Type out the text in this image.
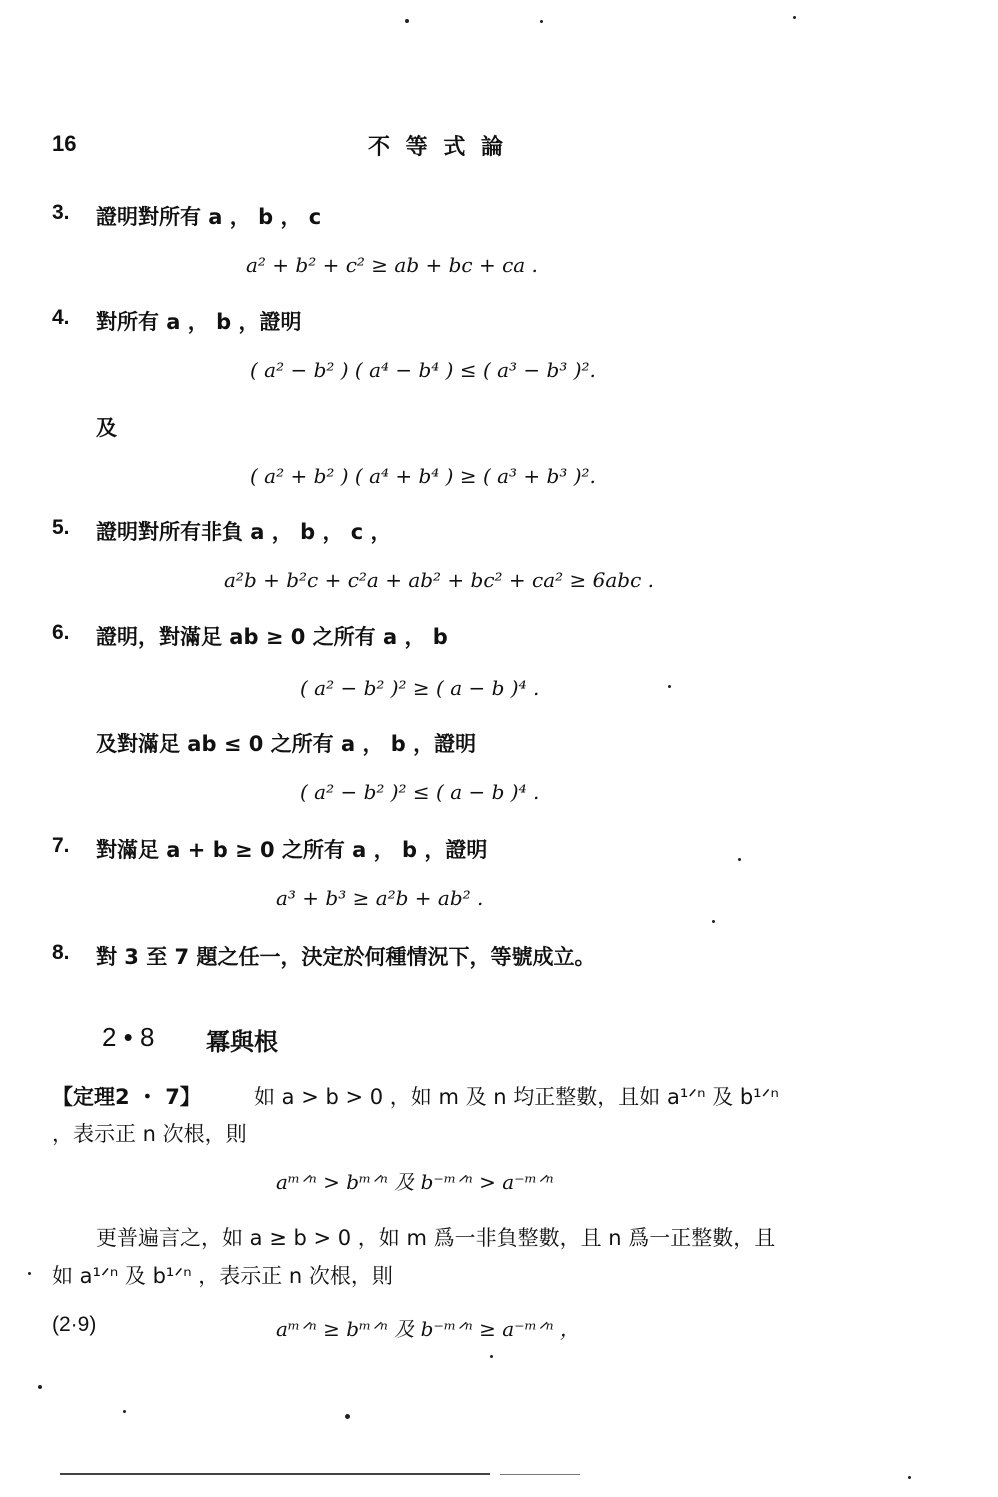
16	不 等 式 論
3. 證明對所有 a ， b ， c
a² + b² + c² ≥ ab + bc + ca .
4. 對所有 a ， b ，證明
( a² − b² ) ( a⁴ − b⁴ ) ≤ ( a³ − b³ )².
及
( a² + b² ) ( a⁴ + b⁴ ) ≥ ( a³ + b³ )².
5. 證明對所有非負 a ， b ， c ，
a²b + b²c + c²a + ab² + bc² + ca² ≥ 6abc .
6. 證明，對滿足 ab ≥ 0 之所有 a ， b
( a² − b² )² ≥ ( a − b )⁴ .
及對滿足 ab ≤ 0 之所有 a ， b ，證明
( a² − b² )² ≤ ( a − b )⁴ .
7. 對滿足 a + b ≥ 0 之所有 a ， b ，證明
a³ + b³ ≥ a²b + ab² .
8. 對 3 至 7 題之任一，決定於何種情況下，等號成立。
2 • 8 冪與根
【定理2 ・ 7】	如 a > b > 0 ，如 m 及 n 均正整數，且如 a¹ᐟⁿ 及 b¹ᐟⁿ
，表示正 n 次根，則
aᵐᐟⁿ > bᵐᐟⁿ 及 b⁻ᵐᐟⁿ > a⁻ᵐᐟⁿ
更普遍言之，如 a ≥ b > 0 ，如 m 爲一非負整數，且 n 爲一正整數，且
如 a¹ᐟⁿ 及 b¹ᐟⁿ ，表示正 n 次根，則
(2·9)	aᵐᐟⁿ ≥ bᵐᐟⁿ 及 b⁻ᵐᐟⁿ ≥ a⁻ᵐᐟⁿ ，
